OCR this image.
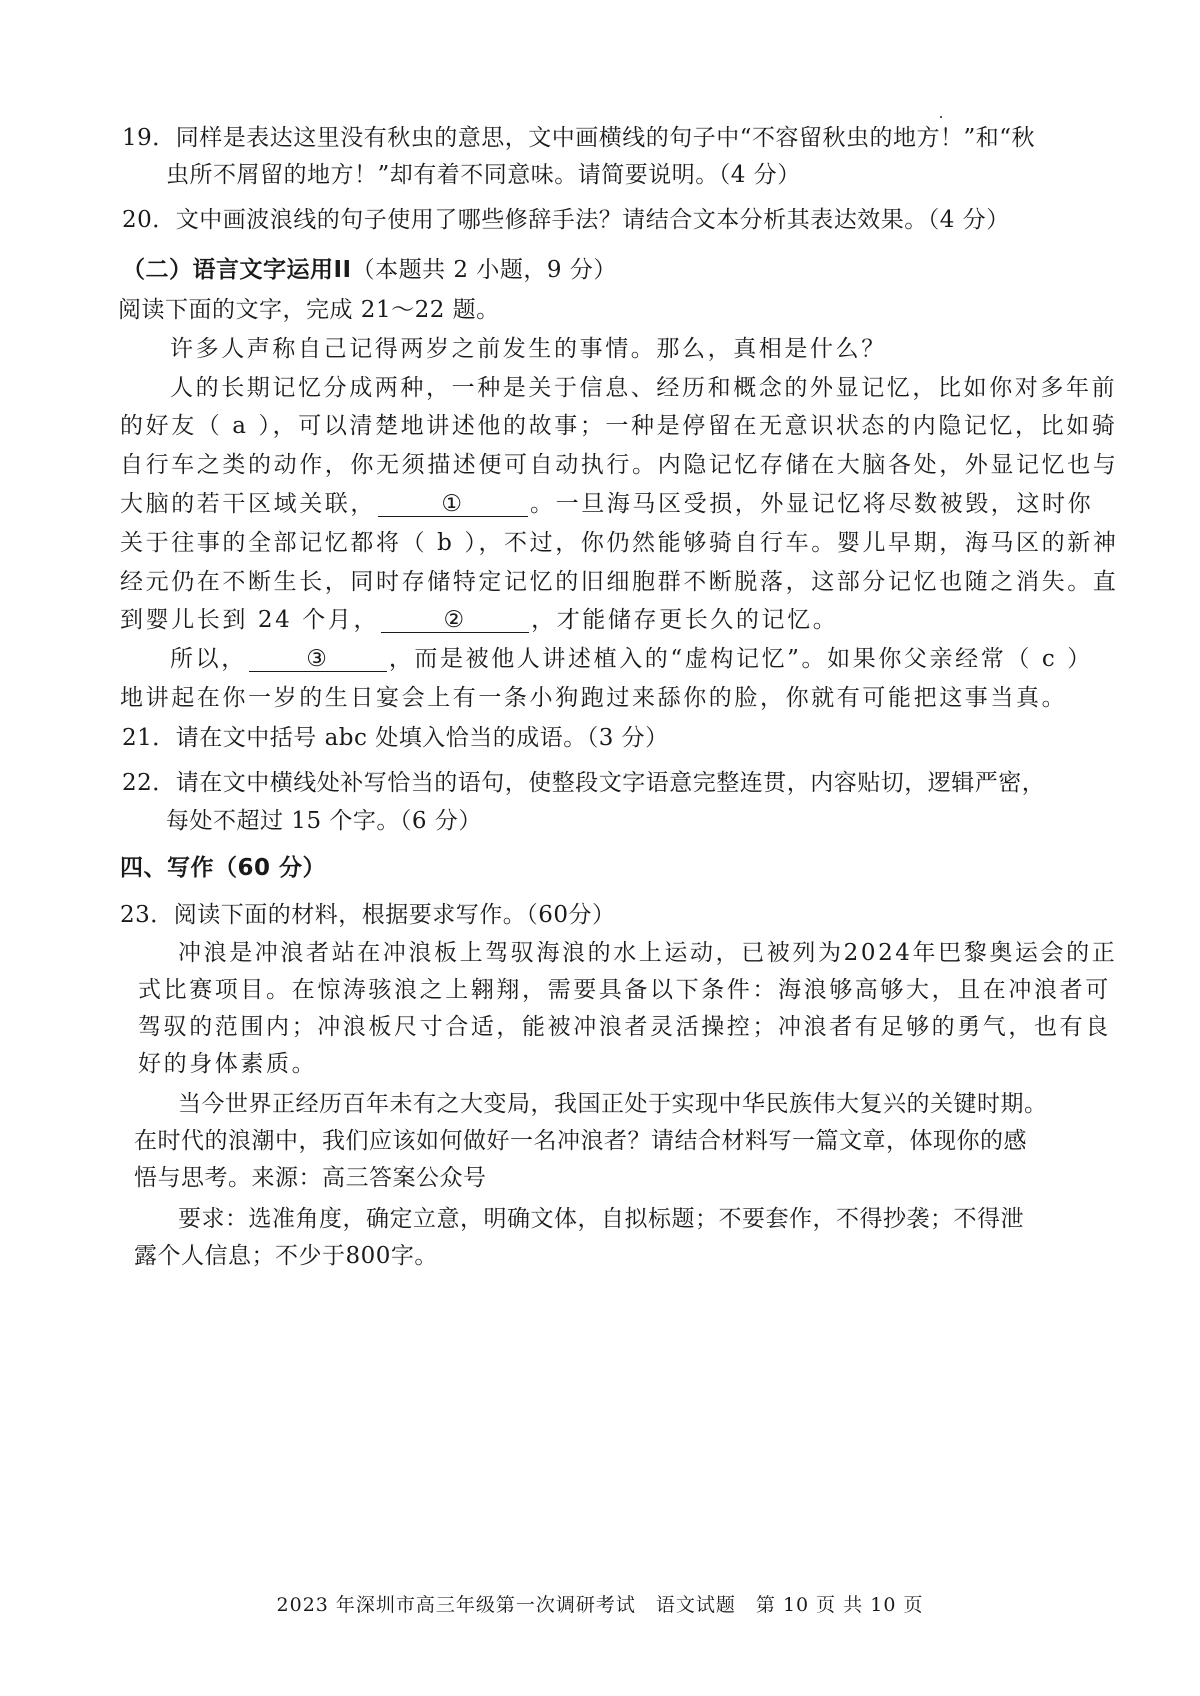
19．同样是表达这里没有秋虫的意思，文中画横线的句子中“不容留秋虫的地方！”和“秋
虫所不屑留的地方！”却有着不同意味。请简要说明。（4 分）
20．文中画波浪线的句子使用了哪些修辞手法？请结合文本分析其表达效果。（4 分）
（二）语言文字运用II（本题共 2 小题，9 分）
阅读下面的文字，完成 21～22 题。
许多人声称自己记得两岁之前发生的事情。那么，真相是什么？
人的长期记忆分成两种，一种是关于信息、经历和概念的外显记忆，比如你对多年前
的好友（ a ），可以清楚地讲述他的故事；一种是停留在无意识状态的内隐记忆，比如骑
自行车之类的动作，你无须描述便可自动执行。内隐记忆存储在大脑各处，外显记忆也与
大脑的若干区域关联，	①	。一旦海马区受损，外显记忆将尽数被毁，这时你
关于往事的全部记忆都将（ b ），不过，你仍然能够骑自行车。婴儿早期，海马区的新神
经元仍在不断生长，同时存储特定记忆的旧细胞群不断脱落，这部分记忆也随之消失。直
到婴儿长到 24 个月，	②	，才能储存更长久的记忆。
所以，	③	，而是被他人讲述植入的“虚构记忆”。如果你父亲经常（ c ）
地讲起在你一岁的生日宴会上有一条小狗跑过来舔你的脸，你就有可能把这事当真。
21．请在文中括号 abc 处填入恰当的成语。（3 分）
22．请在文中横线处补写恰当的语句，使整段文字语意完整连贯，内容贴切，逻辑严密，
每处不超过 15 个字。（6 分）
四、写作（60 分）
23．阅读下面的材料，根据要求写作。（60分）
冲浪是冲浪者站在冲浪板上驾驭海浪的水上运动，已被列为2024年巴黎奥运会的正
式比赛项目。在惊涛骇浪之上翱翔，需要具备以下条件：海浪够高够大，且在冲浪者可
驾驭的范围内；冲浪板尺寸合适，能被冲浪者灵活操控；冲浪者有足够的勇气，也有良
好的身体素质。
当今世界正经历百年未有之大变局，我国正处于实现中华民族伟大复兴的关键时期。
在时代的浪潮中，我们应该如何做好一名冲浪者？请结合材料写一篇文章，体现你的感
悟与思考。来源：高三答案公众号
要求：选准角度，确定立意，明确文体，自拟标题；不要套作，不得抄袭；不得泄
露个人信息；不少于800字。
2023 年深圳市高三年级第一次调研考试　语文试题　第 10 页 共 10 页
